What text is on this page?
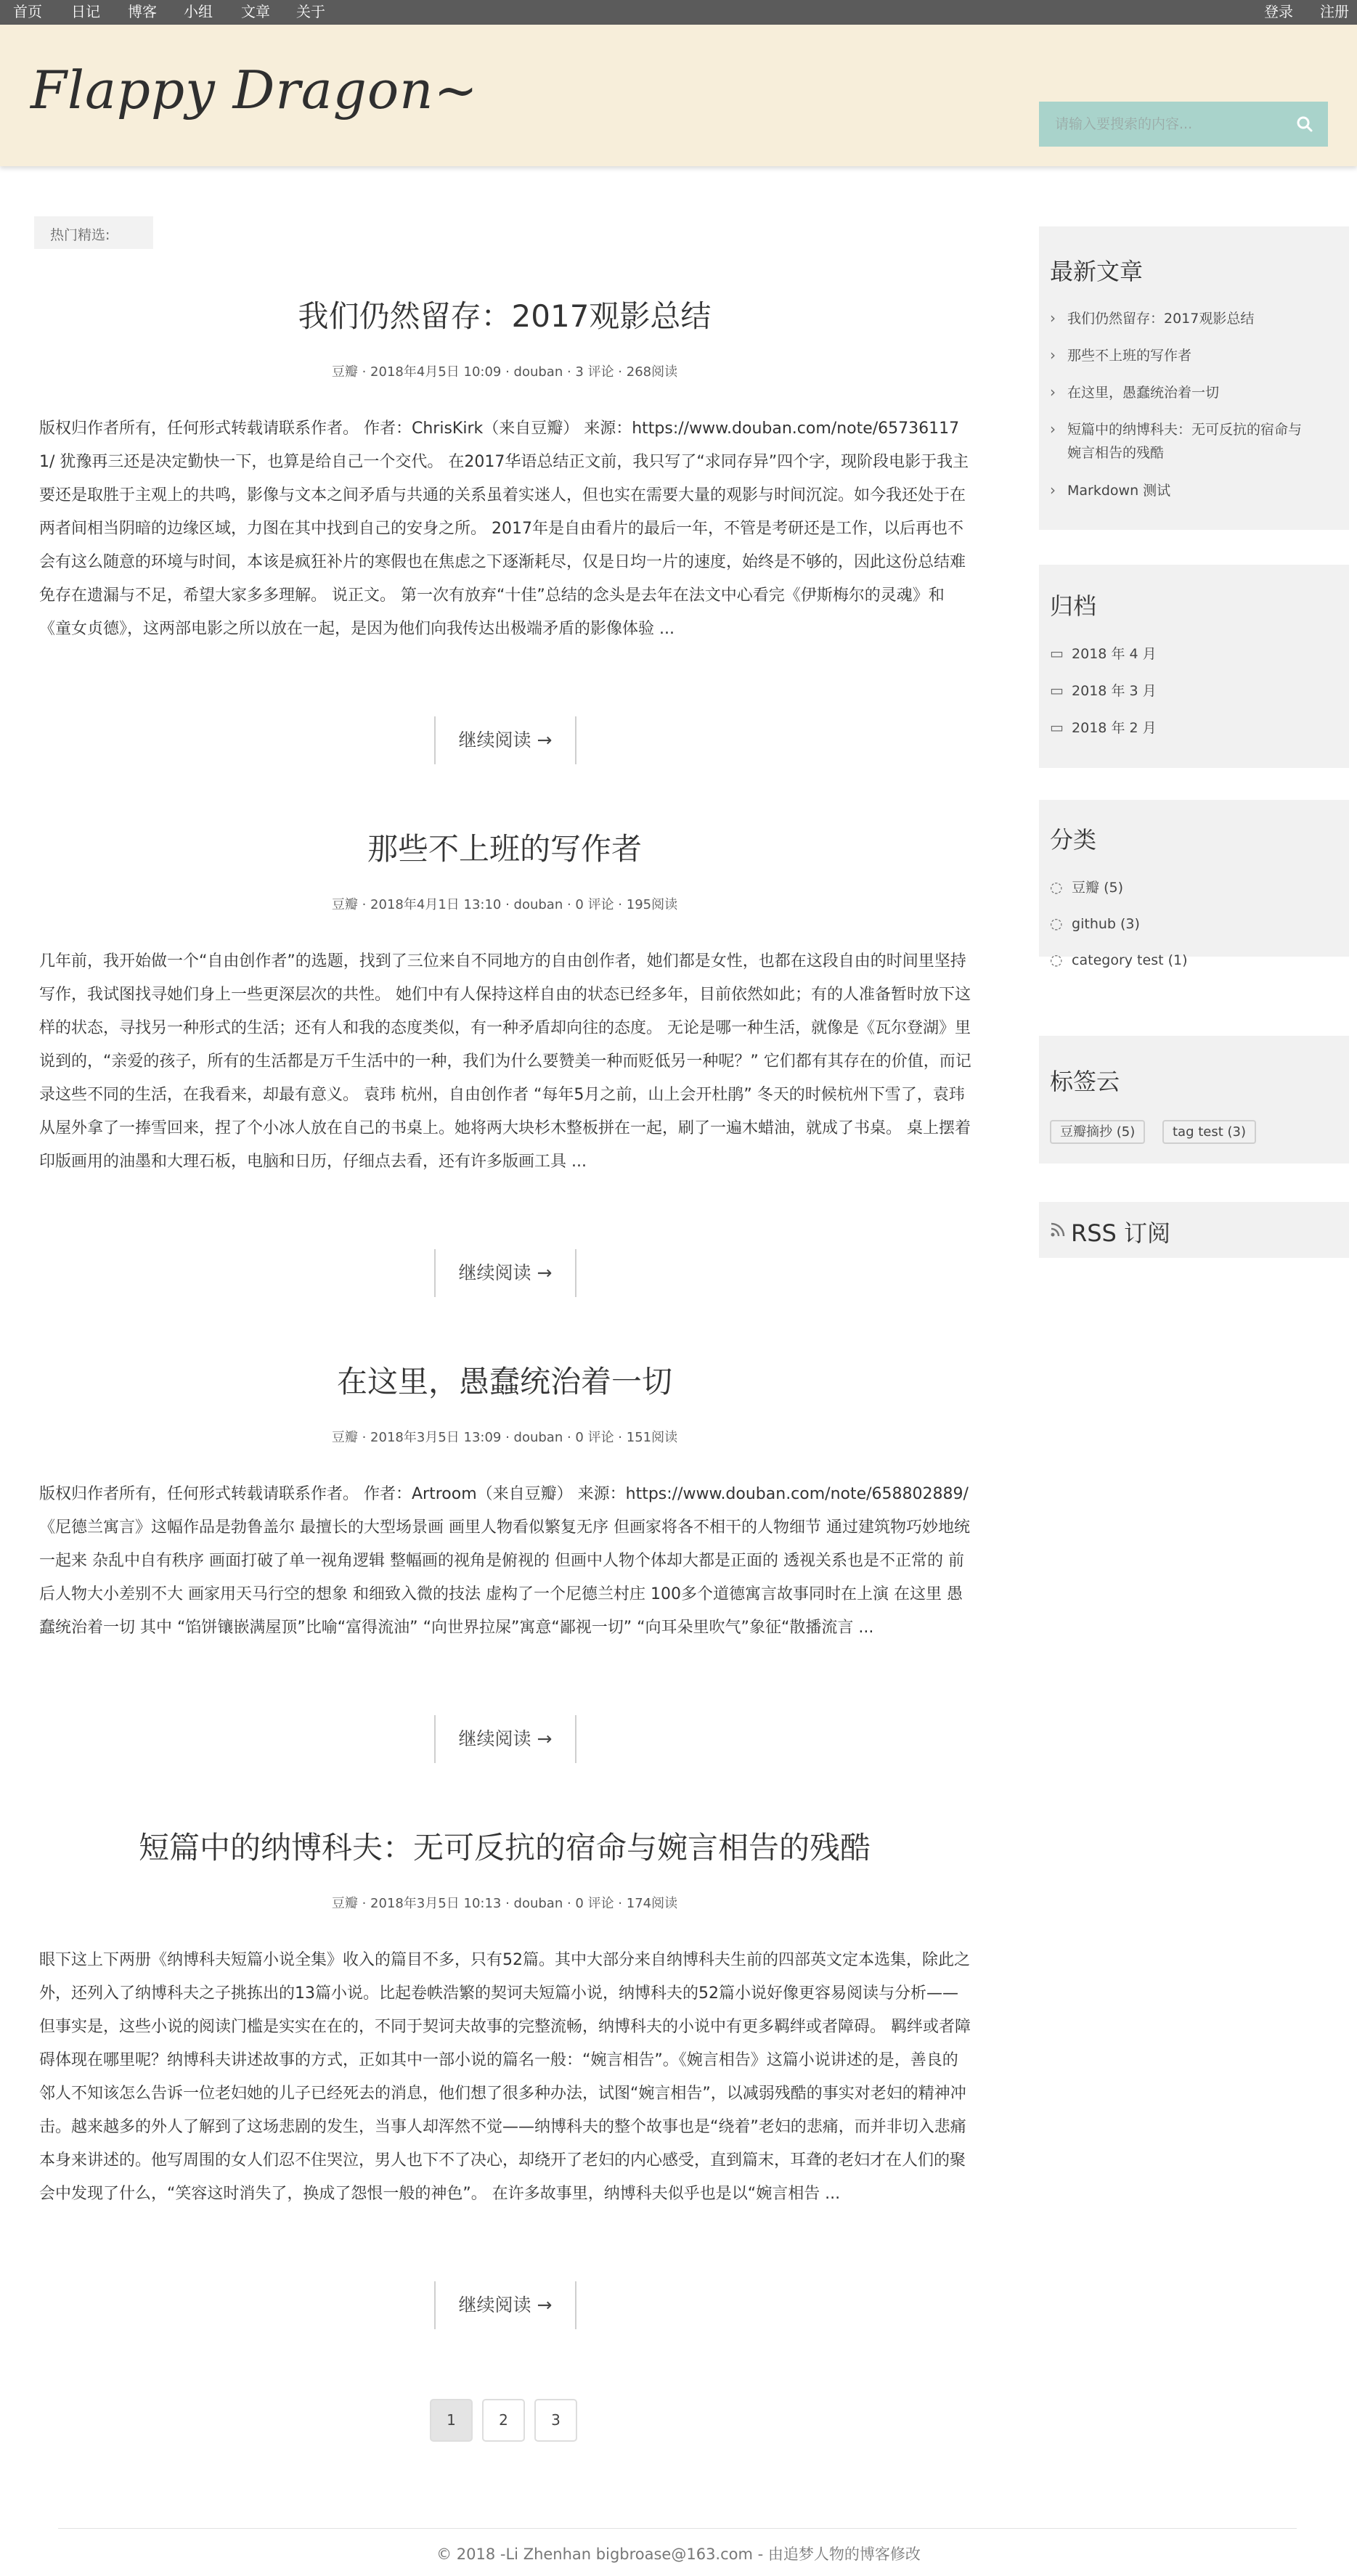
首页 日记 博客 小组 文章 关于	登录 注册
Flappy Dragon~
请输入要搜索的内容...
热门精选:
我们仍然留存：2017观影总结
豆瓣 · 2018年4月5日 10:09 · douban · 3 评论 · 268阅读

版权归作者所有，任何形式转载请联系作者。 作者：ChrisKirk（来自豆瓣） 来源：https://www.douban.com/note/657361171/ 犹豫再三还是决定勤快一下，也算是给自己一个交代。 在2017华语总结正文前，我只写了“求同存异”四个字，现阶段电影于我主要还是取胜于主观上的共鸣，影像与文本之间矛盾与共通的关系虽着实迷人，但也实在需要大量的观影与时间沉淀。如今我还处于在两者间相当阴暗的边缘区域，力图在其中找到自己的安身之所。 2017年是自由看片的最后一年，不管是考研还是工作，以后再也不会有这么随意的环境与时间，本该是疯狂补片的寒假也在焦虑之下逐渐耗尽，仅是日均一片的速度，始终是不够的，因此这份总结难免存在遗漏与不足，希望大家多多理解。 说正文。 第一次有放弃“十佳”总结的念头是去年在法文中心看完《伊斯梅尔的灵魂》和《童女贞德》，这两部电影之所以放在一起，是因为他们向我传达出极端矛盾的影像体验 ...

继续阅读 →
那些不上班的写作者
豆瓣 · 2018年4月1日 13:10 · douban · 0 评论 · 195阅读

几年前，我开始做一个“自由创作者”的选题，找到了三位来自不同地方的自由创作者，她们都是女性，也都在这段自由的时间里坚持写作，我试图找寻她们身上一些更深层次的共性。 她们中有人保持这样自由的状态已经多年，目前依然如此；有的人准备暂时放下这样的状态，寻找另一种形式的生活；还有人和我的态度类似，有一种矛盾却向往的态度。 无论是哪一种生活，就像是《瓦尔登湖》里说到的，“亲爱的孩子，所有的生活都是万千生活中的一种，我们为什么要赞美一种而贬低另一种呢？” 它们都有其存在的价值，而记录这些不同的生活，在我看来，却最有意义。 袁玮 杭州，自由创作者 “每年5月之前，山上会开杜鹃” 冬天的时候杭州下雪了，袁玮从屋外拿了一捧雪回来，捏了个小冰人放在自己的书桌上。她将两大块杉木整板拼在一起，刷了一遍木蜡油，就成了书桌。 桌上摆着印版画用的油墨和大理石板，电脑和日历，仔细点去看，还有许多版画工具 ...

继续阅读 →
在这里，愚蠢统治着一切
豆瓣 · 2018年3月5日 13:09 · douban · 0 评论 · 151阅读

版权归作者所有，任何形式转载请联系作者。 作者：Artroom（来自豆瓣） 来源：https://www.douban.com/note/658802889/ 《尼德兰寓言》这幅作品是勃鲁盖尔 最擅长的大型场景画 画里人物看似繁复无序 但画家将各不相干的人物细节 通过建筑物巧妙地统一起来 杂乱中自有秩序 画面打破了单一视角逻辑 整幅画的视角是俯视的 但画中人物个体却大都是正面的 透视关系也是不正常的 前后人物大小差别不大 画家用天马行空的想象 和细致入微的技法 虚构了一个尼德兰村庄 100多个道德寓言故事同时在上演 在这里 愚蠢统治着一切 其中 “馅饼镶嵌满屋顶”比喻“富得流油” “向世界拉屎”寓意“鄙视一切” “向耳朵里吹气”象征“散播流言 ...

继续阅读 →
短篇中的纳博科夫：无可反抗的宿命与婉言相告的残酷
豆瓣 · 2018年3月5日 10:13 · douban · 0 评论 · 174阅读

眼下这上下两册《纳博科夫短篇小说全集》收入的篇目不多，只有52篇。其中大部分来自纳博科夫生前的四部英文定本选集，除此之外，还列入了纳博科夫之子挑拣出的13篇小说。比起卷帙浩繁的契诃夫短篇小说，纳博科夫的52篇小说好像更容易阅读与分析——但事实是，这些小说的阅读门槛是实实在在的，不同于契诃夫故事的完整流畅，纳博科夫的小说中有更多羁绊或者障碍。 羁绊或者障碍体现在哪里呢？纳博科夫讲述故事的方式，正如其中一部小说的篇名一般：“婉言相告”。《婉言相告》这篇小说讲述的是，善良的邻人不知该怎么告诉一位老妇她的儿子已经死去的消息，他们想了很多种办法，试图“婉言相告”，以减弱残酷的事实对老妇的精神冲击。越来越多的外人了解到了这场悲剧的发生，当事人却浑然不觉——纳博科夫的整个故事也是“绕着”老妇的悲痛，而并非切入悲痛本身来讲述的。他写周围的女人们忍不住哭泣，男人也下不了决心，却绕开了老妇的内心感受，直到篇末，耳聋的老妇才在人们的聚会中发现了什么，“笑容这时消失了，换成了怨恨一般的神色”。 在许多故事里，纳博科夫似乎也是以“婉言相告 ...

继续阅读 →
1	2	3
© 2018 -Li Zhenhan bigbroase@163.com - 由追梦人物的博客修改
最新文章
› 我们仍然留存：2017观影总结
› 那些不上班的写作者
› 在这里，愚蠢统治着一切
› 短篇中的纳博科夫：无可反抗的宿命与
婉言相告的残酷
› Markdown 测试
归档
▭ 2018 年 4 月
▭ 2018 年 3 月
▭ 2018 年 2 月
分类
◌ 豆瓣 (5)
◌ github (3)
◌ category test (1)
标签云
豆瓣摘抄 (5)	tag test (3)
RSS 订阅
